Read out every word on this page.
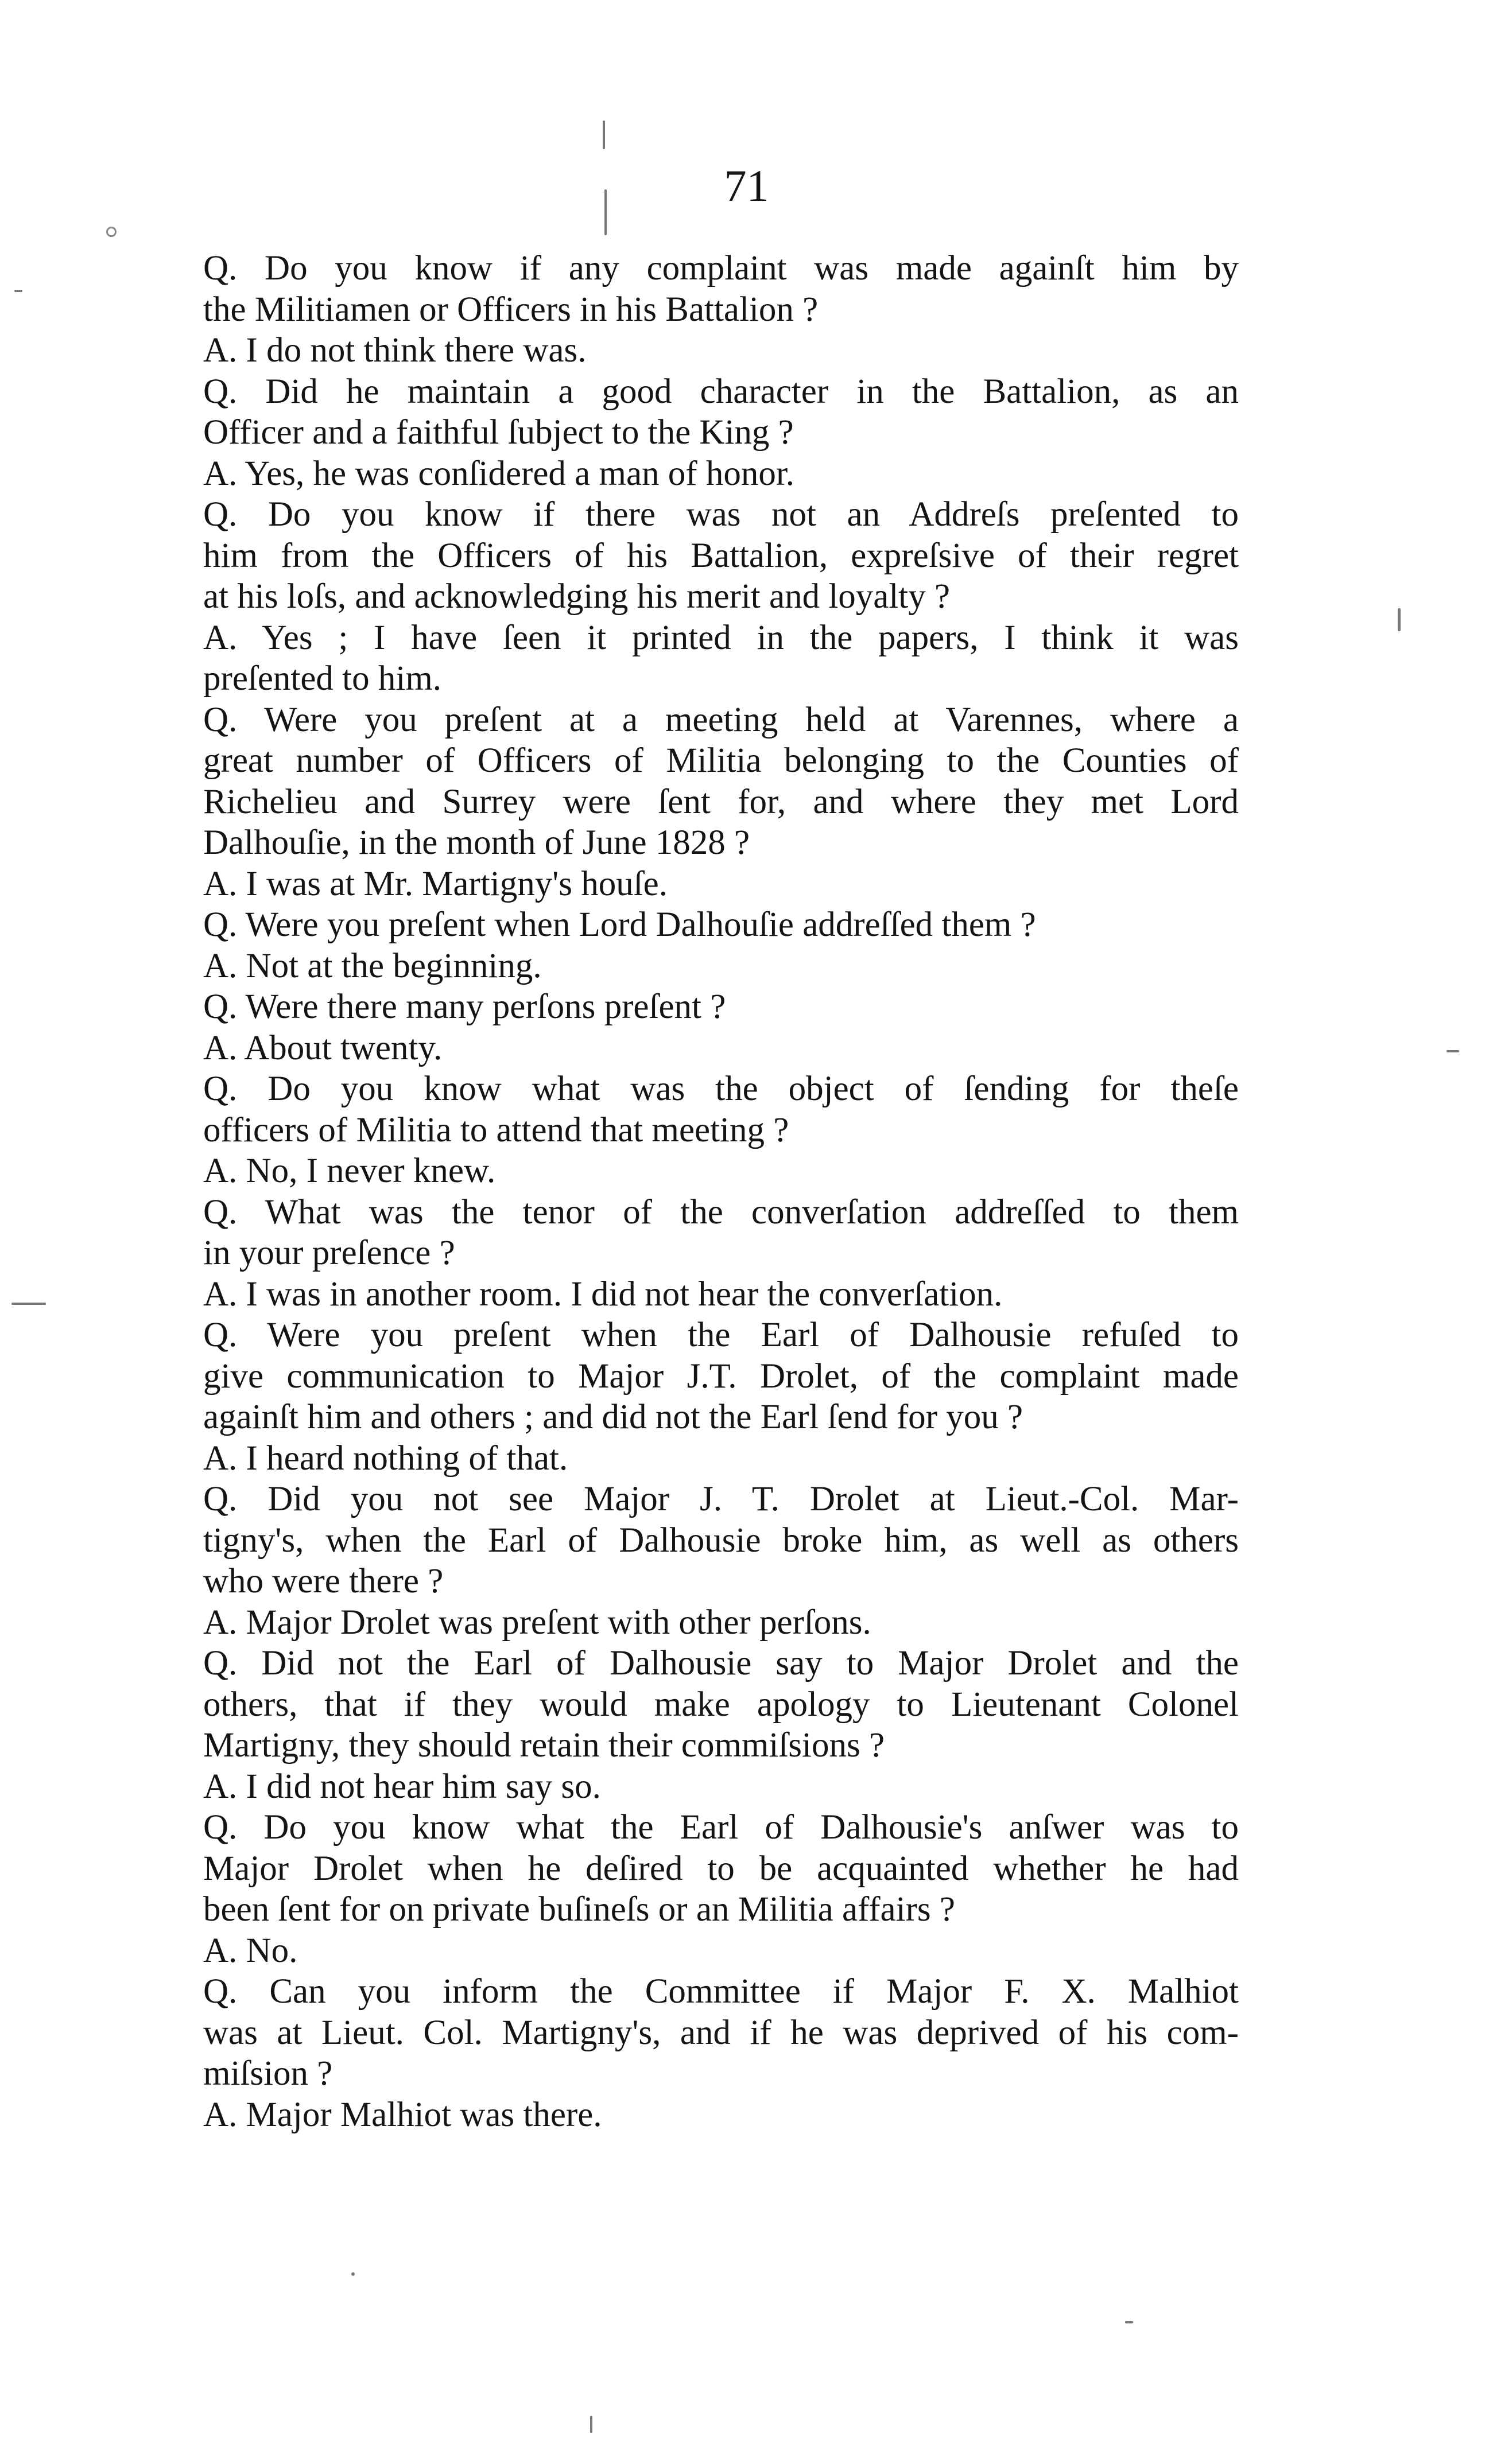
71

Q. Do you know if any complaint was made againſt him by
the Militiamen or Officers in his Battalion ?

A. I do not think there was.

Q. Did he maintain a good character in the Battalion, as an
Officer and a faithful ſubject to the King ?

A. Yes, he was conſidered a man of honor.

Q. Do you know if there was not an Addreſs preſented to
him from the Officers of his Battalion, expreſsive of their regret
at his loſs, and acknowledging his merit and loyalty ?

A. Yes ; I have ſeen it printed in the papers, I think it was
preſented to him.

Q. Were you preſent at a meeting held at Varennes, where a
great number of Officers of Militia belonging to the Counties of
Richelieu and Surrey were ſent for, and where they met Lord
Dalhouſie, in the month of June 1828 ?

A. I was at Mr. Martigny's houſe.

Q. Were you preſent when Lord Dalhouſie addreſſed them ?

A. Not at the beginning.

Q. Were there many perſons preſent ?

A. About twenty.

Q. Do you know what was the object of ſending for theſe
officers of Militia to attend that meeting ?

A. No, I never knew.

Q. What was the tenor of the converſation addreſſed to them
in your preſence ?

A. I was in another room. I did not hear the converſation.

Q. Were you preſent when the Earl of Dalhousie refuſed to
give communication to Major J.T. Drolet, of the complaint made
againſt him and others ; and did not the Earl ſend for you ?

A. I heard nothing of that.

Q. Did you not see Major J. T. Drolet at Lieut.-Col. Mar-
tigny's, when the Earl of Dalhousie broke him, as well as others
who were there ?

A. Major Drolet was preſent with other perſons.

Q. Did not the Earl of Dalhousie say to Major Drolet and the
others, that if they would make apology to Lieutenant Colonel
Martigny, they should retain their commiſsions ?

A. I did not hear him say so.

Q. Do you know what the Earl of Dalhousie's anſwer was to
Major Drolet when he deſired to be acquainted whether he had
been ſent for on private buſineſs or an Militia affairs ?

A. No.

Q. Can you inform the Committee if Major F. X. Malhiot
was at Lieut. Col. Martigny's, and if he was deprived of his com-
miſsion ?

A. Major Malhiot was there.
